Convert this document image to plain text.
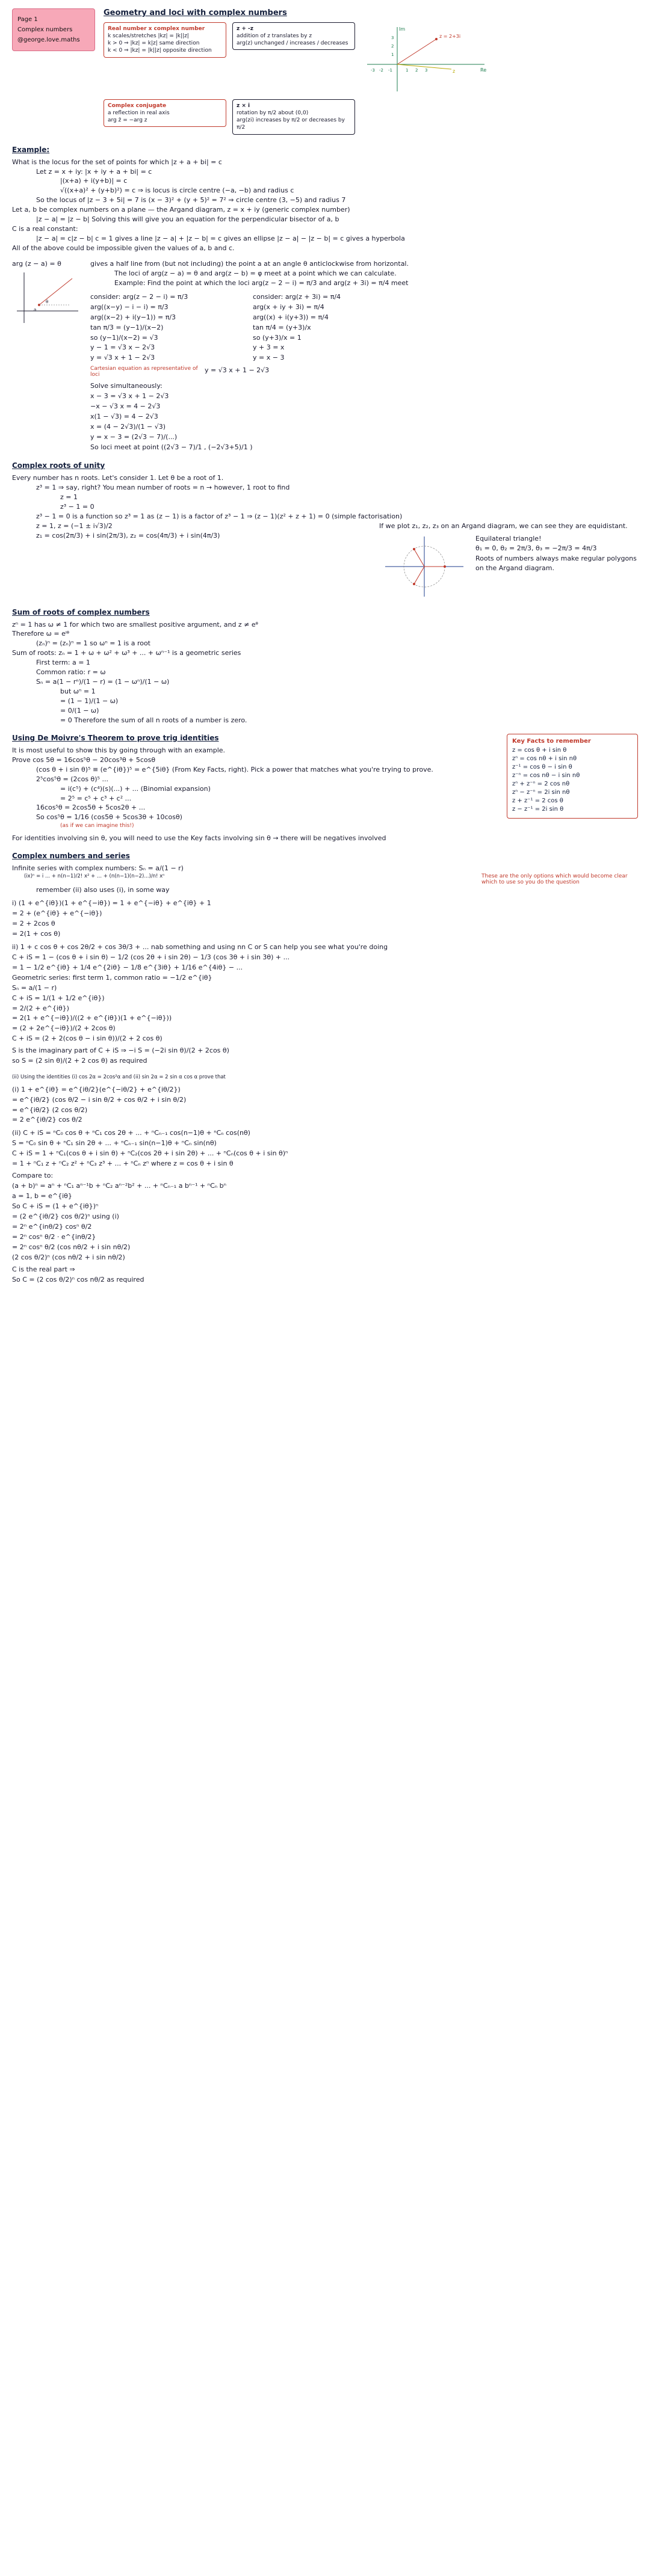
Page 1
Complex numbers
@george.love.maths
Geometry and loci with complex numbers
Real number x complex number
k scales/stretches |kz| = |k||z|
k > 0 ⇒ |kz| = k|z| same direction
k < 0 ⇒ |kz| = |k||z| opposite direction
z + -z
addition of z translates by z
arg(z) unchanged / increases / decreases
Re
Im
z = 2+3i
z
-3 -2 -1	1 2 3
1
2
3
Complex conjugate
a reflection in real axis
arg z̄ = −arg z
z × i
rotation by π/2 about (0,0)
arg(zi) increases by π/2 or decreases by π/2
Example:
What is the locus for the set of points for which |z + a + bi| = c
Let z = x + iy: |x + iy + a + bi| = c
|(x+a) + i(y+b)| = c
√((x+a)² + (y+b)²) = c ⇒ is locus is circle centre (−a, −b) and radius c
So the locus of |z − 3 + 5i| = 7 is (x − 3)² + (y + 5)² = 7² ⇒ circle centre (3, −5) and radius 7
Let a, b be complex numbers on a plane — the Argand diagram, z = x + iy (generic complex number)
|z − a| = |z − b| Solving this will give you an equation for the perpendicular bisector of a, b
C is a real constant:
|z − a| = c|z − b| c = 1 gives a line |z − a| + |z − b| = c gives an ellipse |z − a| − |z − b| = c gives a hyperbola
All of the above could be impossible given the values of a, b and c.
arg (z − a) = θ
θ
a
gives a half line from (but not including) the point a at an angle θ anticlockwise from horizontal.
The loci of arg(z − a) = θ and arg(z − b) = φ meet at a point which we can calculate.
Example: Find the point at which the loci arg(z − 2 − i) = π/3 and arg(z + 3i) = π/4 meet
consider: arg(z − 2 − i) = π/3
arg((x−y) − i − i) = π/3
arg((x−2) + i(y−1)) = π/3
tan π/3 = (y−1)/(x−2)
so (y−1)/(x−2) = √3
y − 1 = √3 x − 2√3
y = √3 x + 1 − 2√3
consider: arg(z + 3i) = π/4
arg(x + iy + 3i) = π/4
arg((x) + i(y+3)) = π/4
tan π/4 = (y+3)/x
so (y+3)/x = 1
y + 3 = x
y = x − 3
Cartesian equation as representative of loci
y = √3 x + 1 − 2√3
Solve simultaneously:
x − 3 = √3 x + 1 − 2√3
−x − √3 x = 4 − 2√3
x(1 − √3) = 4 − 2√3
x = (4 − 2√3)/(1 − √3)
y = x − 3 = (2√3 − 7)/(...)
So loci meet at point ((2√3 − 7)/1 , (−2√3+5)/1 )
Complex roots of unity
Every number has n roots. Let's consider 1. Let θ be a root of 1.
z³ = 1 ⇒ say, right? You mean number of roots = n → however, 1 root to find
z = 1
z³ − 1 = 0
z³ − 1 = 0 is a function so z³ = 1 as (z − 1) is a factor of z³ − 1 ⇒ (z − 1)(z² + z + 1) = 0 (simple factorisation)
z = 1, z = (−1 ± i√3)/2
z₁ = cos(2π/3) + i sin(2π/3), z₂ = cos(4π/3) + i sin(4π/3)
If we plot z₁, z₂, z₃ on an Argand diagram, we can see they are equidistant.
Equilateral triangle!
θ₁ = 0, θ₂ = 2π/3, θ₃ = −2π/3 = 4π/3
Roots of numbers always make regular polygons on the Argand diagram.
Sum of roots of complex numbers
zⁿ = 1 has ω ≠ 1 for which two are smallest positive argument, and z ≠ eᶿ
Therefore ω = eⁱᶿ
(zₙ)ⁿ = (zₙ)ⁿ = 1 so ωⁿ = 1 is a root
Sum of roots: zₙ = 1 + ω + ω² + ω³ + ... + ωⁿ⁻¹ is a geometric series
First term: a = 1
Common ratio: r = ω
Sₙ = a(1 − rⁿ)/(1 − r) = (1 − ωⁿ)/(1 − ω)
but ωⁿ = 1
= (1 − 1)/(1 − ω)
= 0/(1 − ω)
= 0 Therefore the sum of all n roots of a number is zero.
Using De Moivre's Theorem to prove trig identities
It is most useful to show this by going through with an example.
Prove cos 5θ = 16cos⁵θ − 20cos³θ + 5cosθ
(cos θ + i sin θ)⁵ ≡ (e^{iθ})⁵ = e^{5iθ} (From Key Facts, right). Pick a power that matches what you're trying to prove.
2⁵cos⁵θ = (2cos θ)⁵ ...
= i(c⁵) + (c⁴)(s)(...) + ... (Binomial expansion)
= 2⁵ = c⁵ + c³ + c² ...
16cos⁵θ = 2cos5θ + 5cos2θ + ...
So cos⁵θ = 1/16 (cos5θ + 5cos3θ + 10cosθ)
(as if we can imagine this!)
For identities involving sin θ, you will need to use the Key facts involving sin θ → there will be negatives involved
Key Facts to remember
z = cos θ + i sin θ
zⁿ = cos nθ + i sin nθ
z⁻¹ = cos θ − i sin θ
z⁻ⁿ = cos nθ − i sin nθ
zⁿ + z⁻ⁿ = 2 cos nθ
zⁿ − z⁻ⁿ = 2i sin nθ
z + z⁻¹ = 2 cos θ
z − z⁻¹ = 2i sin θ
Complex numbers and series
Infinite series with complex numbers: Sₙ = a/(1 − r)
(ix)ⁿ = i ... + n(n−1)/2! x² + ... + (n(n−1)(n−2)...)/n! xⁿ	These are the only options which would become clear which to use so you do the question
remember (ii) also uses (i), in some way
i) (1 + e^{iθ})(1 + e^{−iθ}) = 1 + e^{−iθ} + e^{iθ} + 1
= 2 + (e^{iθ} + e^{−iθ})
= 2 + 2cos θ
= 2(1 + cos θ)
ii) 1 + c cos θ + cos 2θ/2 + cos 3θ/3 + ... nab something and using nn C or S can help you see what you're doing
C + iS = 1 − (cos θ + i sin θ) − 1/2 (cos 2θ + i sin 2θ) − 1/3 (cos 3θ + i sin 3θ) + ...
= 1 − 1/2 e^{iθ} + 1/4 e^{2iθ} − 1/8 e^{3iθ} + 1/16 e^{4iθ} − ...
Geometric series: first term 1, common ratio = −1/2 e^{iθ}
Sₙ = a/(1 − r)
C + iS = 1/(1 + 1/2 e^{iθ})
= 2/(2 + e^{iθ})
= 2(1 + e^{−iθ})/((2 + e^{iθ})(1 + e^{−iθ}))
= (2 + 2e^{−iθ})/(2 + 2cos θ)
C + iS = (2 + 2(cos θ − i sin θ))/(2 + 2 cos θ)
S is the imaginary part of C + iS ⇒ −i S = (−2i sin θ)/(2 + 2cos θ)
so S = (2 sin θ)/(2 + 2 cos θ) as required
(ii) Using the identities (i) cos 2α = 2cos²α and (ii) sin 2α = 2 sin α cos α prove that
(i) 1 + e^{iθ} = e^{iθ/2}(e^{−iθ/2} + e^{iθ/2})
= e^{iθ/2} (cos θ/2 − i sin θ/2 + cos θ/2 + i sin θ/2)
= e^{iθ/2} (2 cos θ/2)
= 2 e^{iθ/2} cos θ/2
(ii) C + iS = ⁿC₀ cos θ + ⁿC₁ cos 2θ + ... + ⁿCₙ₋₁ cos(n−1)θ + ⁿCₙ cos(nθ)
S = ⁿC₀ sin θ + ⁿC₁ sin 2θ + ... + ⁿCₙ₋₁ sin(n−1)θ + ⁿCₙ sin(nθ)
C + iS = 1 + ⁿC₁(cos θ + i sin θ) + ⁿC₂(cos 2θ + i sin 2θ) + ... + ⁿCₙ(cos θ + i sin θ)ⁿ
= 1 + ⁿC₁ z + ⁿC₂ z² + ⁿC₃ z³ + ... + ⁿCₙ zⁿ where z = cos θ + i sin θ
Compare to:
(a + b)ⁿ = aⁿ + ⁿC₁ aⁿ⁻¹b + ⁿC₂ aⁿ⁻²b² + ... + ⁿCₙ₋₁ a bⁿ⁻¹ + ⁿCₙ bⁿ
a = 1, b = e^{iθ}
So C + iS = (1 + e^{iθ})ⁿ
= (2 e^{iθ/2} cos θ/2)ⁿ using (i)
= 2ⁿ e^{inθ/2} cosⁿ θ/2
= 2ⁿ cosⁿ θ/2 · e^{inθ/2}
= 2ⁿ cosⁿ θ/2 (cos nθ/2 + i sin nθ/2)
(2 cos θ/2)ⁿ (cos nθ/2 + i sin nθ/2)
C is the real part ⇒
So C = (2 cos θ/2)ⁿ cos nθ/2 as required
